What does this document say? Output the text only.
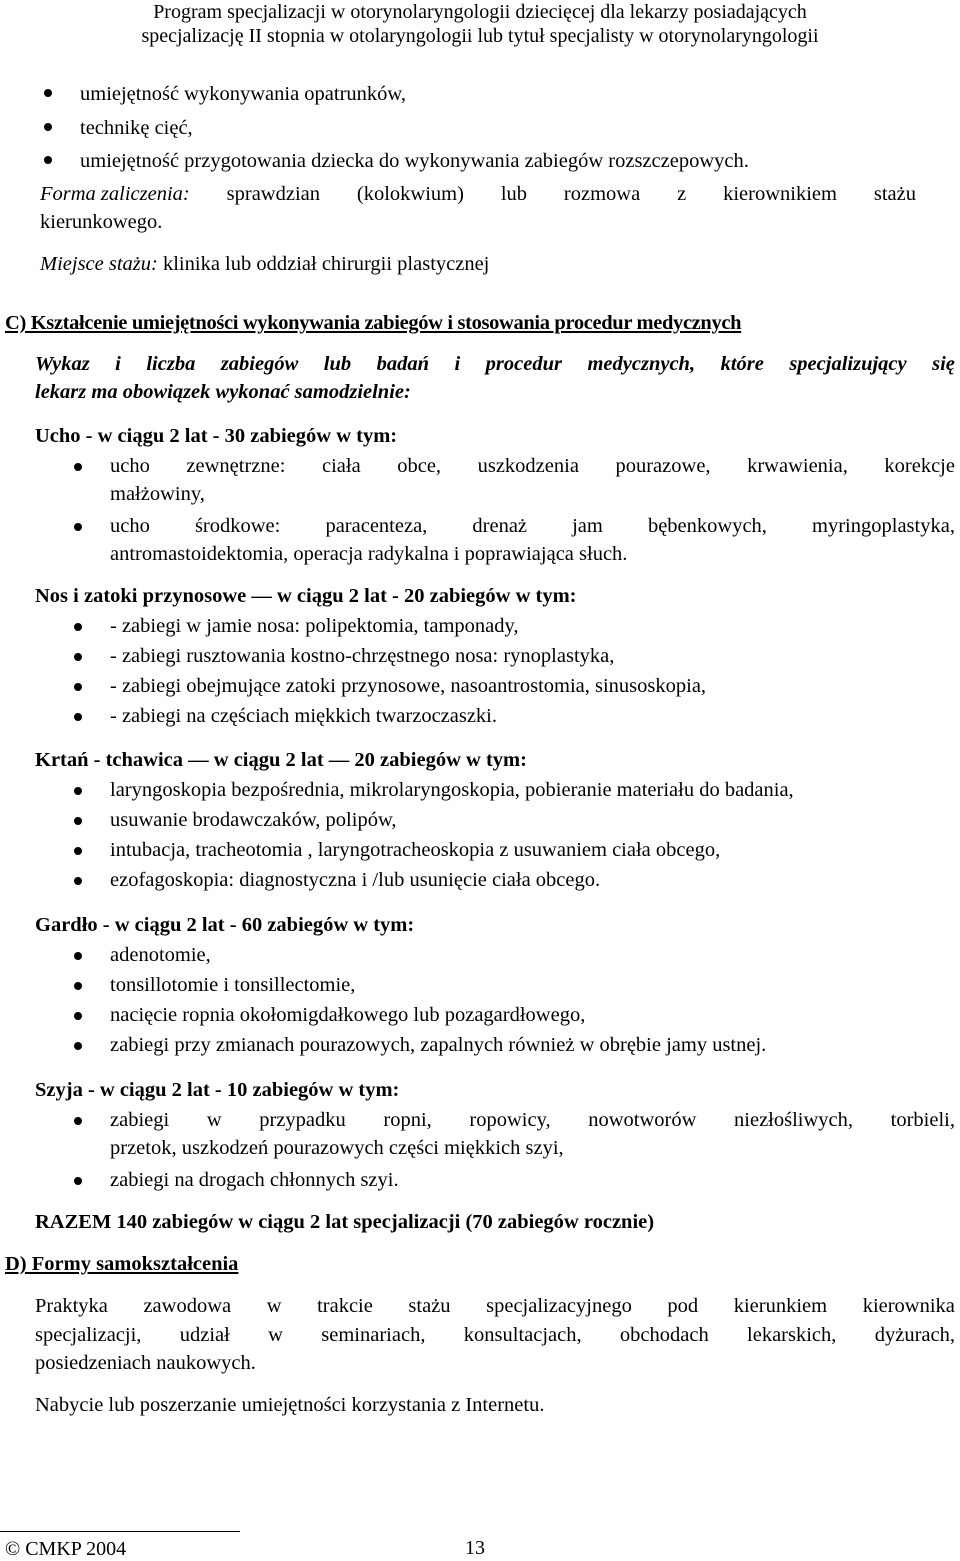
Program specjalizacji w otorynolaryngologii dziecięcej dla lekarzy posiadających
specjalizację II stopnia w otolaryngologii lub tytuł specjalisty w otorynolaryngologii
umiejętność wykonywania opatrunków,
technikę cięć,
umiejętność przygotowania dziecka do wykonywania zabiegów rozszczepowych.
Forma zaliczenia: sprawdzian (kolokwium) lub rozmowa z kierownikiem stażu
kierunkowego.
Miejsce stażu: klinika lub oddział chirurgii plastycznej
C) Kształcenie umiejętności wykonywania zabiegów i stosowania procedur medycznych
Wykaz i liczba zabiegów lub badań i procedur medycznych, które specjalizujący się
lekarz ma obowiązek wykonać samodzielnie:
Ucho - w ciągu 2 lat - 30 zabiegów w tym:
ucho zewnętrzne: ciała obce, uszkodzenia pourazowe, krwawienia, korekcje
małżowiny,
ucho środkowe: paracenteza, drenaż jam bębenkowych, myringoplastyka,
antromastoidektomia, operacja radykalna i poprawiająca słuch.
Nos i zatoki przynosowe — w ciągu 2 lat - 20 zabiegów w tym:
- zabiegi w jamie nosa: polipektomia, tamponady,
- zabiegi rusztowania kostno-chrzęstnego nosa: rynoplastyka,
- zabiegi obejmujące zatoki przynosowe, nasoantrostomia, sinusoskopia,
- zabiegi na częściach miękkich twarzoczaszki.
Krtań - tchawica — w ciągu 2 lat — 20 zabiegów w tym:
laryngoskopia bezpośrednia, mikrolaryngoskopia, pobieranie materiału do badania,
usuwanie brodawczaków, polipów,
intubacja, tracheotomia , laryngotracheoskopia z usuwaniem ciała obcego,
ezofagoskopia: diagnostyczna i /lub usunięcie ciała obcego.
Gardło - w ciągu 2 lat - 60 zabiegów w tym:
adenotomie,
tonsillotomie i tonsillectomie,
nacięcie ropnia okołomigdałkowego lub pozagardłowego,
zabiegi przy zmianach pourazowych, zapalnych również w obrębie jamy ustnej.
Szyja - w ciągu 2 lat - 10 zabiegów w tym:
zabiegi w przypadku ropni, ropowicy, nowotworów niezłośliwych, torbieli,
przetok, uszkodzeń pourazowych części miękkich szyi,
zabiegi na drogach chłonnych szyi.
RAZEM 140 zabiegów w ciągu 2 lat specjalizacji (70 zabiegów rocznie)
D) Formy samokształcenia
Praktyka zawodowa w trakcie stażu specjalizacyjnego pod kierunkiem kierownika
specjalizacji, udział w seminariach, konsultacjach, obchodach lekarskich, dyżurach,
posiedzeniach naukowych.
Nabycie lub poszerzanie umiejętności korzystania z Internetu.
© CMKP 2004	13
